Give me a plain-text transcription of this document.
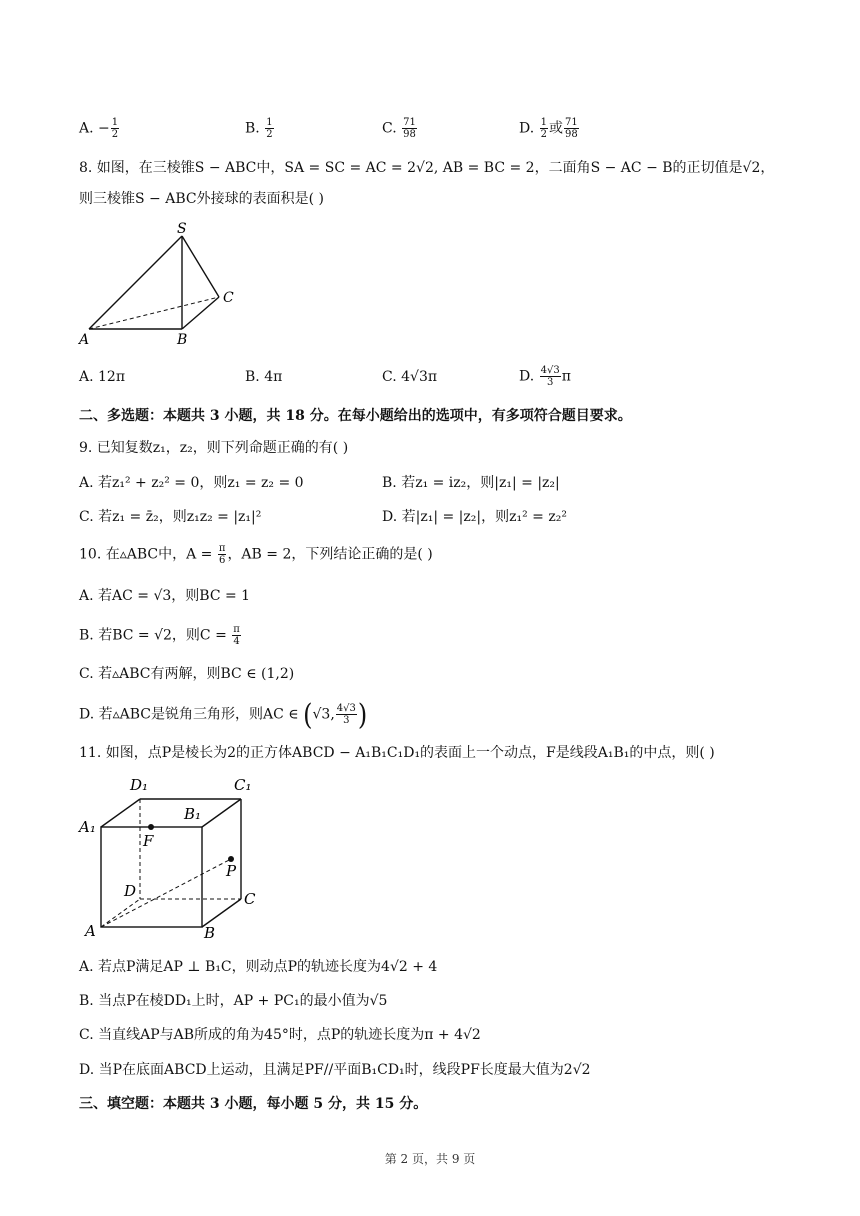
A. − $\frac{1}{2}$	B. $\frac{1}{2}$	C. $\frac{71}{98}$	D. $\frac{1}{2}$ 或 $\frac{71}{98}$
8. 如图，在三棱锥S − ABC中，SA = SC = AC = 2√2, AB = BC = 2，二面角S − AC − B的正切值是√2，
则三棱锥S − ABC外接球的表面积是( )
S
C
A	B
A. 12π	B. 4π	C. 4√3π	D. $\frac{4√3}{3}$ π
二、多选题：本题共 3 小题，共 18 分。在每小题给出的选项中，有多项符合题目要求。
9. 已知复数z₁，z₂，则下列命题正确的有( )
A. 若z₁² + z₂² = 0，则z₁ = z₂ = 0	B. 若z₁ = iz₂，则|z₁| = |z₂|
C. 若z₁ = z̄₂，则z₁z₂ = |z₁|²	D. 若|z₁| = |z₂|，则z₁² = z₂²
10. 在▵ABC中，$A = \frac{\pi}{6}$ ，AB = 2，下列结论正确的是( )
A. 若AC = √3，则BC = 1
B. 若BC = √2，则$C = \frac{\pi}{4}$
C. 若▵ABC有两解，则BC ∈ (1,2)
D. 若▵ABC是锐角三角形，则AC ∈ (√3, $\frac{4√3}{3}$ )
11. 如图，点P是棱长为2的正方体ABCD − A₁B₁C₁D₁的表面上一个动点，F是线段A₁B₁的中点，则( )
D₁	C₁
A₁
B₁
F
P
D	C
A	B
A. 若点P满足AP ⊥ B₁C，则动点P的轨迹长度为4√2 + 4
B. 当点P在棱DD₁上时，AP + PC₁的最小值为√5
C. 当直线AP与AB所成的角为45°时，点P的轨迹长度为π + 4√2
D. 当P在底面ABCD上运动，且满足PF//平面B₁CD₁时，线段PF长度最大值为2√2
三、填空题：本题共 3 小题，每小题 5 分，共 15 分。
第 2 页，共 9 页
